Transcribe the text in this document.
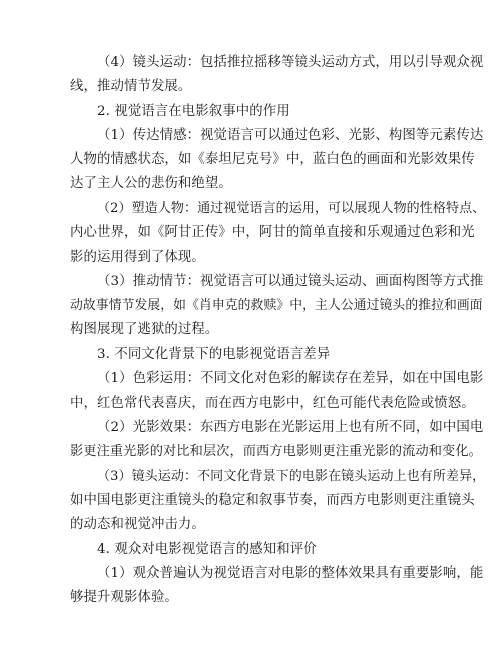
（4）镜头运动：包括推拉摇移等镜头运动方式，用以引导观众视
线，推动情节发展。
2. 视觉语言在电影叙事中的作用
（1）传达情感：视觉语言可以通过色彩、光影、构图等元素传达
人物的情感状态，如《泰坦尼克号》中，蓝白色的画面和光影效果传
达了主人公的悲伤和绝望。
（2）塑造人物：通过视觉语言的运用，可以展现人物的性格特点、
内心世界，如《阿甘正传》中，阿甘的简单直接和乐观通过色彩和光
影的运用得到了体现。
（3）推动情节：视觉语言可以通过镜头运动、画面构图等方式推
动故事情节发展，如《肖申克的救赎》中，主人公通过镜头的推拉和画面
构图展现了逃狱的过程。
3. 不同文化背景下的电影视觉语言差异
（1）色彩运用：不同文化对色彩的解读存在差异，如在中国电影
中，红色常代表喜庆，而在西方电影中，红色可能代表危险或愤怒。
（2）光影效果：东西方电影在光影运用上也有所不同，如中国电
影更注重光影的对比和层次，而西方电影则更注重光影的流动和变化。
（3）镜头运动：不同文化背景下的电影在镜头运动上也有所差异，
如中国电影更注重镜头的稳定和叙事节奏，而西方电影则更注重镜头
的动态和视觉冲击力。
4. 观众对电影视觉语言的感知和评价
（1）观众普遍认为视觉语言对电影的整体效果具有重要影响，能
够提升观影体验。
